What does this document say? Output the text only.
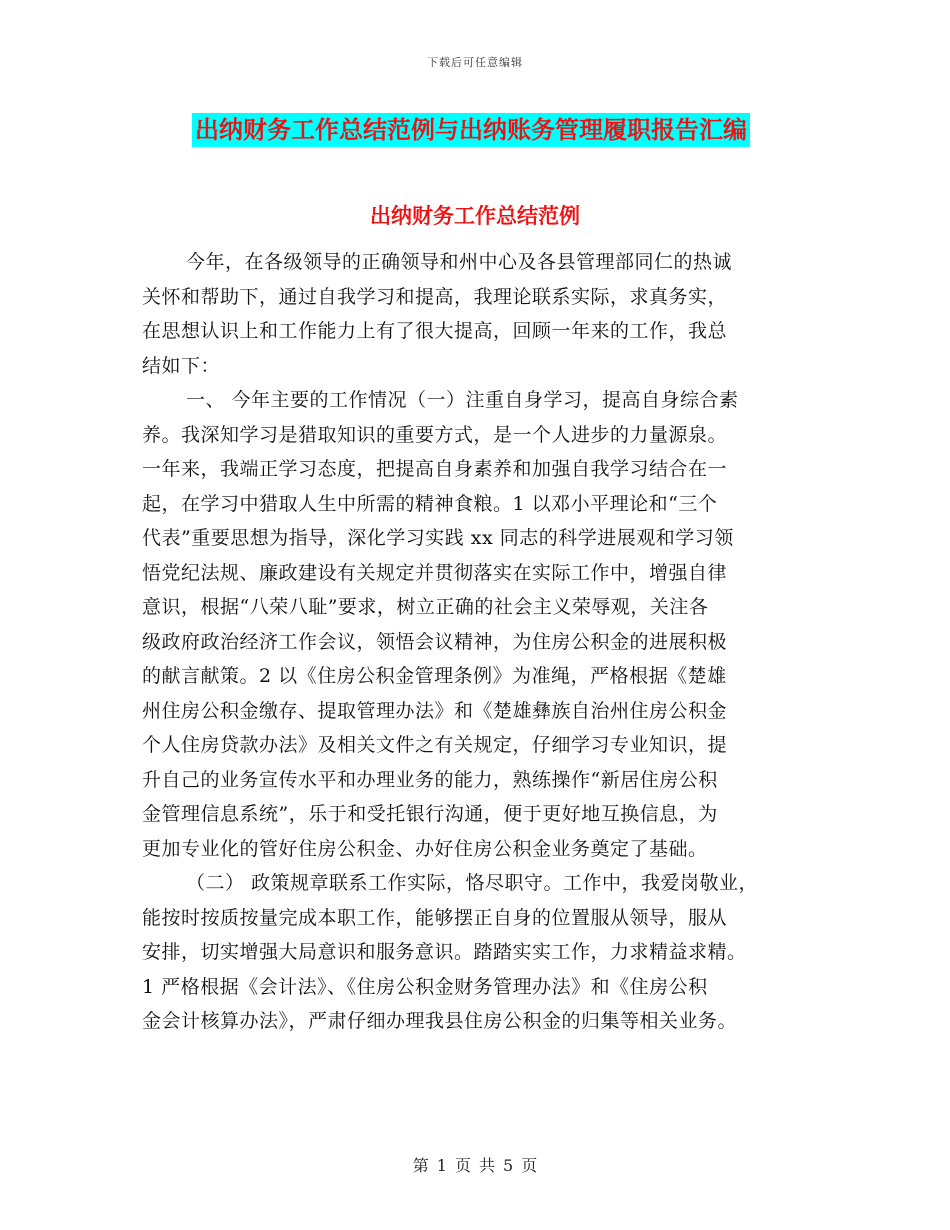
下载后可任意编辑
出纳财务工作总结范例与出纳账务管理履职报告汇编
出纳财务工作总结范例
今年，在各级领导的正确领导和州中心及各县管理部同仁的热诚
关怀和帮助下，通过自我学习和提高，我理论联系实际，求真务实，
在思想认识上和工作能力上有了很大提高，回顾一年来的工作，我总
结如下：
一、 今年主要的工作情况（一）注重自身学习，提高自身综合素
养。我深知学习是猎取知识的重要方式，是一个人进步的力量源泉。
一年来，我端正学习态度，把提高自身素养和加强自我学习结合在一
起，在学习中猎取人生中所需的精神食粮。1 以邓小平理论和“三个
代表”重要思想为指导，深化学习实践 xx 同志的科学进展观和学习领
悟党纪法规、廉政建设有关规定并贯彻落实在实际工作中，增强自律
意识，根据“八荣八耻”要求，树立正确的社会主义荣辱观，关注各
级政府政治经济工作会议，领悟会议精神，为住房公积金的进展积极
的献言献策。2 以《住房公积金管理条例》为准绳，严格根据《楚雄
州住房公积金缴存、提取管理办法》和《楚雄彝族自治州住房公积金
个人住房贷款办法》及相关文件之有关规定，仔细学习专业知识，提
升自己的业务宣传水平和办理业务的能力，熟练操作“新居住房公积
金管理信息系统”，乐于和受托银行沟通，便于更好地互换信息，为
更加专业化的管好住房公积金、办好住房公积金业务奠定了基础。
（二） 政策规章联系工作实际，恪尽职守。工作中，我爱岗敬业，
能按时按质按量完成本职工作，能够摆正自身的位置服从领导，服从
安排，切实增强大局意识和服务意识。踏踏实实工作，力求精益求精。
1 严格根据《会计法》、《住房公积金财务管理办法》和《住房公积
金会计核算办法》，严肃仔细办理我县住房公积金的归集等相关业务。
第 1 页 共 5 页
